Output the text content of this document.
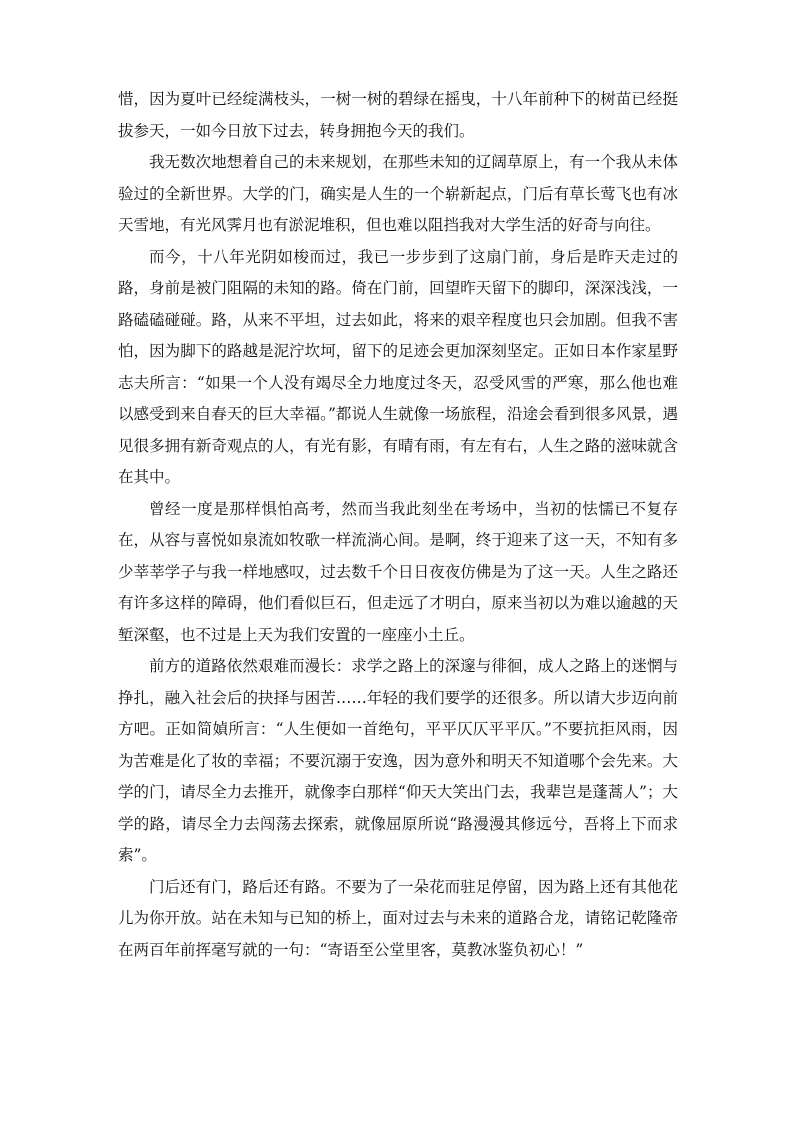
惜，因为夏叶已经绽满枝头，一树一树的碧绿在摇曳，十八年前种下的树苗已经挺拔参天，一如今日放下过去，转身拥抱今天的我们。

我无数次地想着自己的未来规划，在那些未知的辽阔草原上，有一个我从未体验过的全新世界。大学的门，确实是人生的一个崭新起点，门后有草长莺飞也有冰天雪地，有光风霁月也有淤泥堆积，但也难以阻挡我对大学生活的好奇与向往。

而今，十八年光阴如梭而过，我已一步步到了这扇门前，身后是昨天走过的路，身前是被门阻隔的未知的路。倚在门前，回望昨天留下的脚印，深深浅浅，一路磕磕碰碰。路，从来不平坦，过去如此，将来的艰辛程度也只会加剧。但我不害怕，因为脚下的路越是泥泞坎坷，留下的足迹会更加深刻坚定。正如日本作家星野志夫所言：“如果一个人没有竭尽全力地度过冬天，忍受风雪的严寒，那么他也难以感受到来自春天的巨大幸福。”都说人生就像一场旅程，沿途会看到很多风景，遇见很多拥有新奇观点的人，有光有影，有晴有雨，有左有右，人生之路的滋味就含在其中。

曾经一度是那样惧怕高考，然而当我此刻坐在考场中，当初的怯懦已不复存在，从容与喜悦如泉流如牧歌一样流淌心间。是啊，终于迎来了这一天，不知有多少莘莘学子与我一样地感叹，过去数千个日日夜夜仿佛是为了这一天。人生之路还有许多这样的障碍，他们看似巨石，但走远了才明白，原来当初以为难以逾越的天堑深壑，也不过是上天为我们安置的一座座小土丘。

前方的道路依然艰难而漫长：求学之路上的深邃与徘徊，成人之路上的迷惘与挣扎，融入社会后的抉择与困苦……年轻的我们要学的还很多。所以请大步迈向前方吧。正如简媜所言：“人生便如一首绝句，平平仄仄平平仄。”不要抗拒风雨，因为苦难是化了妆的幸福；不要沉溺于安逸，因为意外和明天不知道哪个会先来。大学的门，请尽全力去推开，就像李白那样“仰天大笑出门去，我辈岂是蓬蒿人”；大学的路，请尽全力去闯荡去探索，就像屈原所说“路漫漫其修远兮，吾将上下而求索”。

门后还有门，路后还有路。不要为了一朵花而驻足停留，因为路上还有其他花儿为你开放。站在未知与已知的桥上，面对过去与未来的道路合龙，请铭记乾隆帝在两百年前挥毫写就的一句：“寄语至公堂里客，莫教冰鉴负初心！”
